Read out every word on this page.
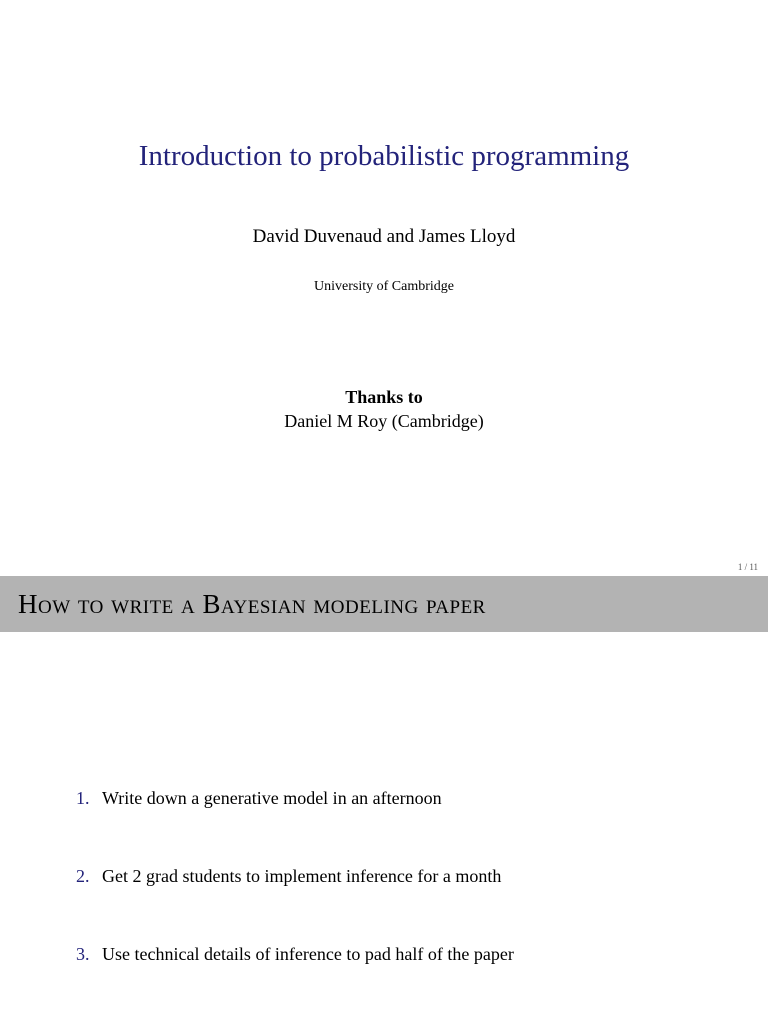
Introduction to probabilistic programming

David Duvenaud and James Lloyd

University of Cambridge

Thanks to
Daniel M Roy (Cambridge)
1 / 11
How to write a Bayesian modeling paper
1. Write down a generative model in an afternoon
2. Get 2 grad students to implement inference for a month
3. Use technical details of inference to pad half of the paper
